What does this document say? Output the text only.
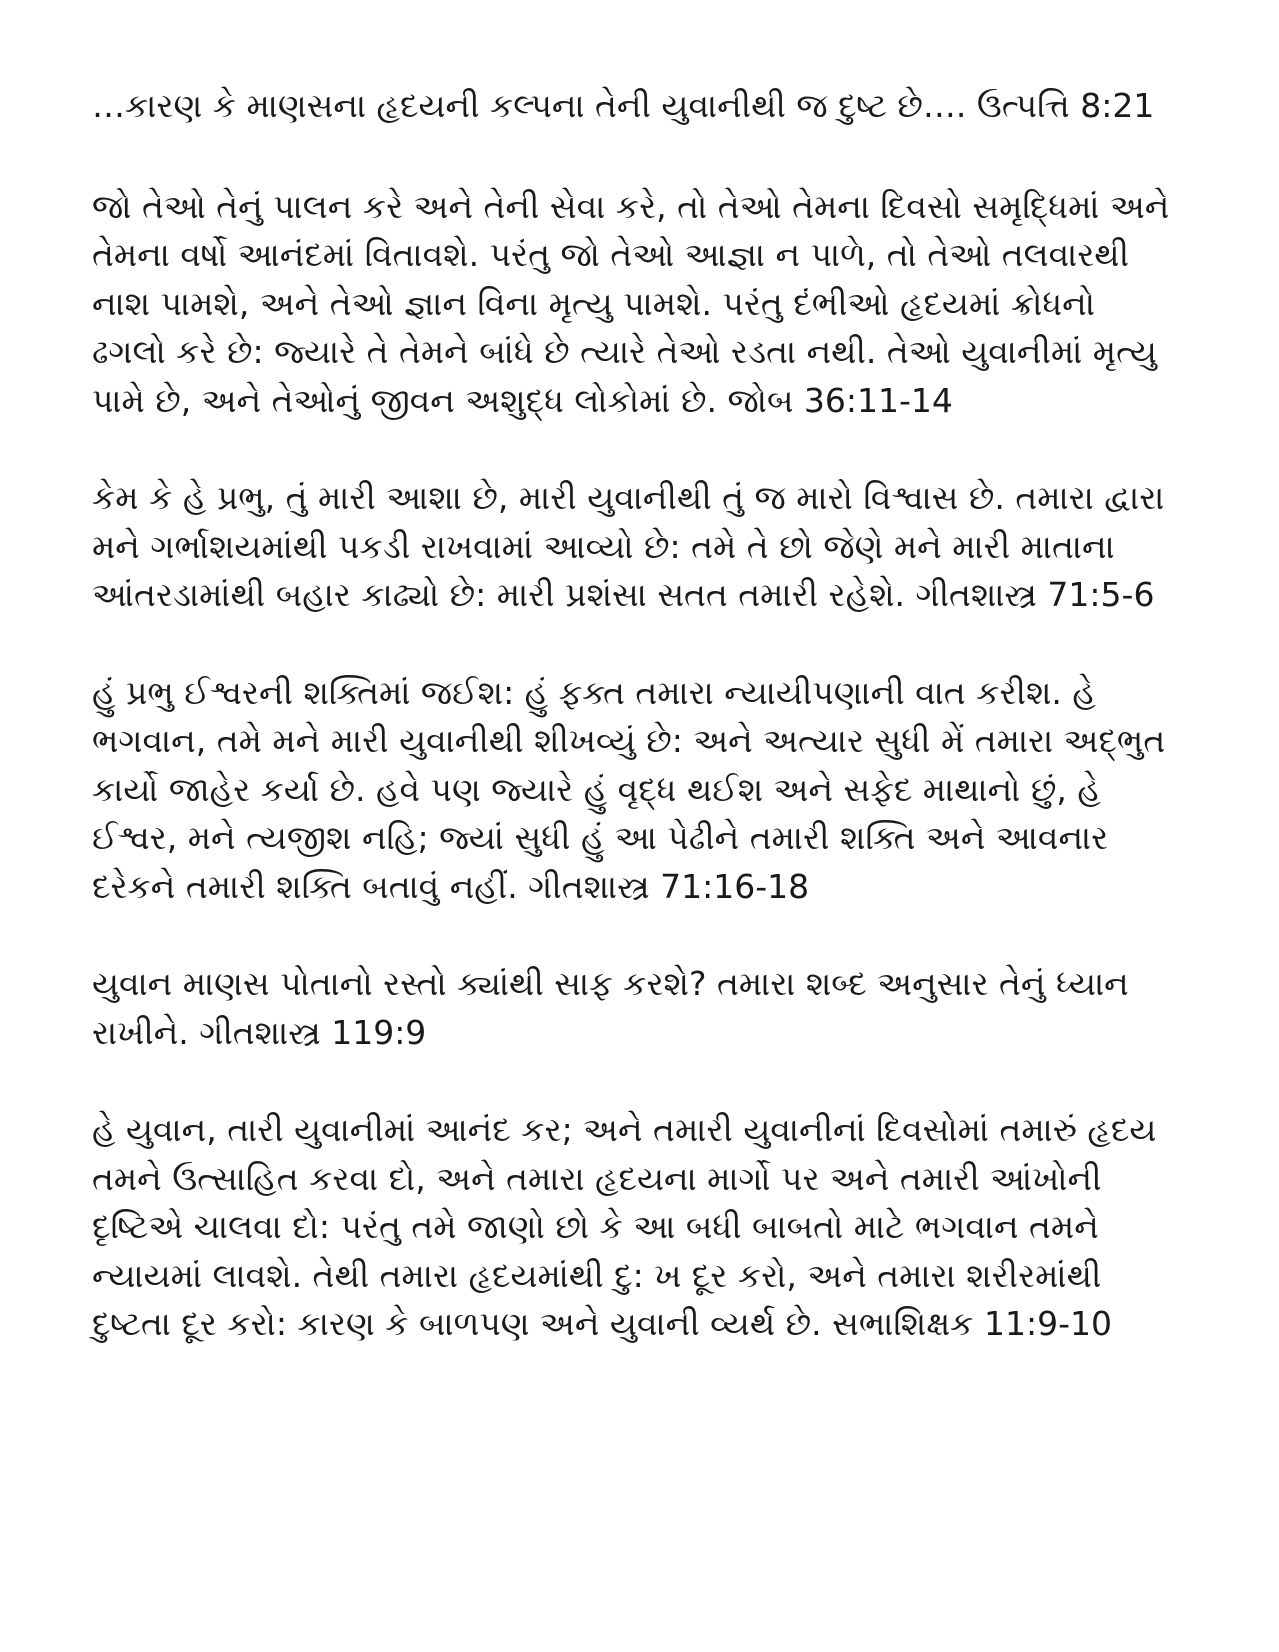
…કારણ કે માણસના હૃદયની કલ્પના તેની યુવાનીથી જ દુષ્ટ છે…. ઉત્પત્તિ 8:21

જો તેઓ તેનું પાલન કરે અને તેની સેવા કરે, તો તેઓ તેમના દિવસો સમૃદ્ધિમાં અને તેમના વર્ષો આનંદમાં વિતાવશે. પરંતુ જો તેઓ આજ્ઞા ન પાળે, તો તેઓ તલવારથી નાશ પામશે, અને તેઓ જ્ઞાન વિના મૃત્યુ પામશે. પરંતુ દંભીઓ હૃદયમાં ક્રોધનો ઢગલો કરે છે: જ્યારે તે તેમને બાંધે છે ત્યારે તેઓ રડતા નથી. તેઓ યુવાનીમાં મૃત્યુ પામે છે, અને તેઓનું જીવન અશુદ્ધ લોકોમાં છે. જોબ 36:11-14

કેમ કે હે પ્રભુ, તું મારી આશા છે, મારી યુવાનીથી તું જ મારો વિશ્વાસ છે. તમારા દ્વારા મને ગર્ભાશયમાંથી પકડી રાખવામાં આવ્યો છે: તમે તે છો જેણે મને મારી માતાના આંતરડામાંથી બહાર કાઢ્યો છે: મારી પ્રશંસા સતત તમારી રહેશે. ગીતશાસ્ત્ર 71:5-6

હું પ્રભુ ઈશ્વરની શક્તિમાં જઈશ: હું ફક્ત તમારા ન્યાયીપણાની વાત કરીશ. હે ભગવાન, તમે મને મારી યુવાનીથી શીખવ્યું છે: અને અત્યાર સુધી મેં તમારા અદ્ભુત કાર્યો જાહેર કર્યા છે. હવે પણ જ્યારે હું વૃદ્ધ થઈશ અને સફેદ માથાનો છું, હે ઈશ્વર, મને ત્યજીશ નહિ; જ્યાં સુધી હું આ પેઢીને તમારી શક્તિ અને આવનાર દરેકને તમારી શક્તિ બતાવું નહીં. ગીતશાસ્ત્ર 71:16-18

યુવાન માણસ પોતાનો રસ્તો ક્યાંથી સાફ કરશે? તમારા શબ્દ અનુસાર તેનું ધ્યાન રાખીને. ગીતશાસ્ત્ર 119:9

હે યુવાન, તારી યુવાનીમાં આનંદ કર; અને તમારી યુવાનીનાં દિવસોમાં તમારું હૃદય તમને ઉત્સાહિત કરવા દો, અને તમારા હૃદયના માર્ગો પર અને તમારી આંખોની દૃષ્ટિએ ચાલવા દો: પરંતુ તમે જાણો છો કે આ બધી બાબતો માટે ભગવાન તમને ન્યાયમાં લાવશે. તેથી તમારા હૃદયમાંથી દુ: ખ દૂર કરો, અને તમારા શરીરમાંથી દુષ્ટતા દૂર કરો: કારણ કે બાળપણ અને યુવાની વ્યર્થ છે. સભાશિક્ષક 11:9-10
